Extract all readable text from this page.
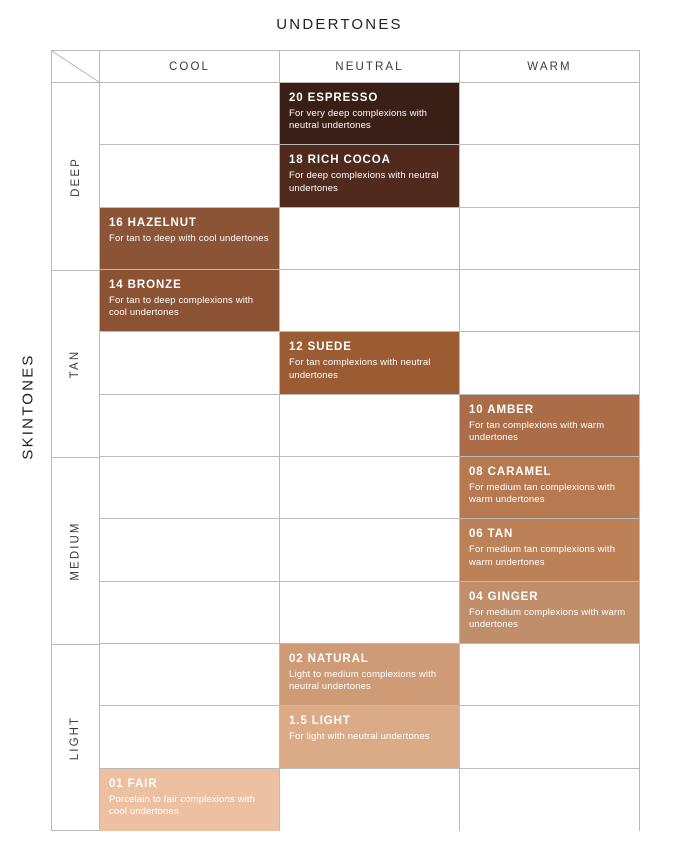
UNDERTONES
SKINTONES
COOL	NEUTRAL	WARM
DEEP
TAN
MEDIUM
LIGHT

20 ESPRESSO

For very deep complexions with neutral undertones

18 RICH COCOA

For deep complexions with neutral undertones

16 HAZELNUT

For tan to deep with cool undertones

14 BRONZE

For tan to deep complexions with cool undertones

12 SUEDE

For tan complexions with neutral undertones

10 AMBER

For tan complexions with warm undertones

08 CARAMEL

For medium tan complexions with warm undertones

06 TAN

For medium tan complexions with warm undertones

04 GINGER

For medium complexions with warm undertones

02 NATURAL

Light to medium complexions with neutral undertones

1.5 LIGHT

For light with neutral undertones

01 FAIR

Porcelain to fair complexions with cool undertones
